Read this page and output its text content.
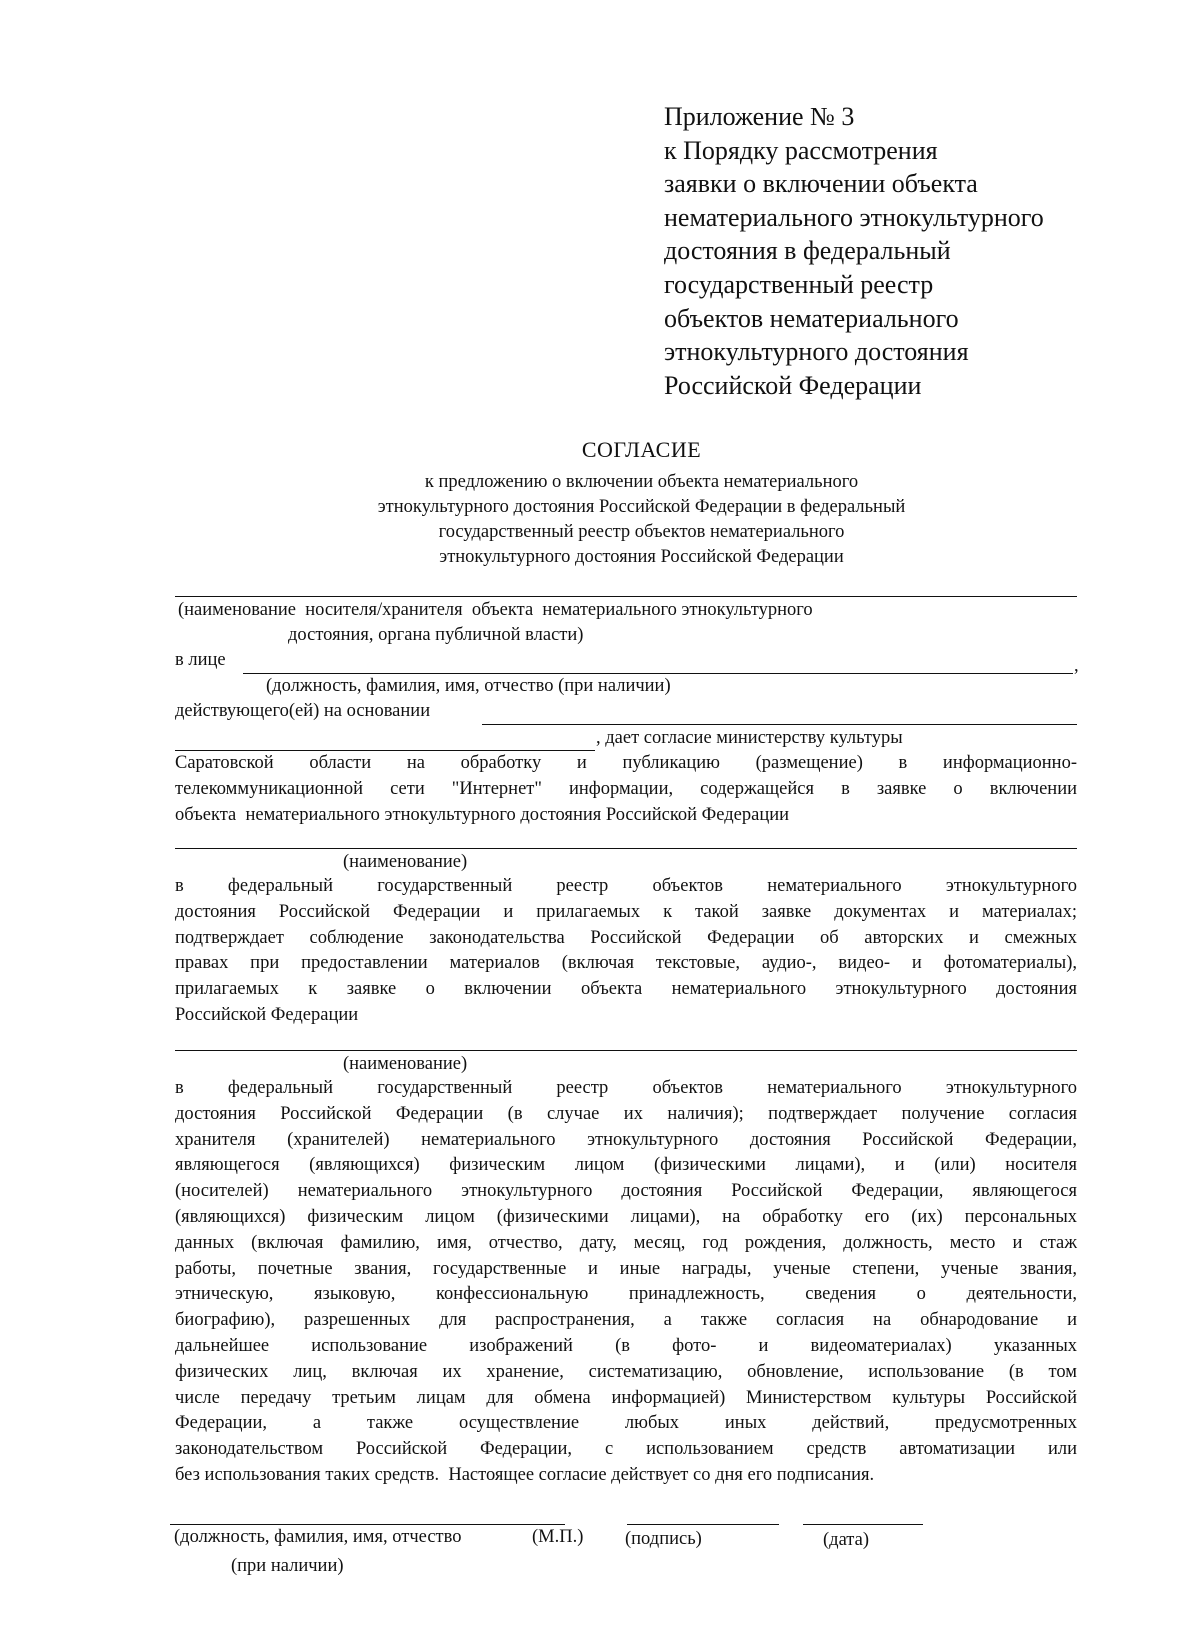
Приложение № 3
к Порядку рассмотрения
заявки о включении объекта
нематериального этнокультурного
достояния в федеральный
государственный реестр
объектов нематериального
этнокультурного достояния
Российской Федерации
СОГЛАСИЕ
к предложению о включении объекта нематериального
этнокультурного достояния Российской Федерации в федеральный
государственный реестр объектов нематериального
этнокультурного достояния Российской Федерации
(наименование  носителя/хранителя  объекта  нематериального этнокультурного
достояния, органа публичной власти)
в лице	,
(должность, фамилия, имя, отчество (при наличии)
действующего(ей) на основании
, дает согласие министерству культуры
Саратовской области на обработку и публикацию (размещение) в информационно-
телекоммуникационной сети "Интернет" информации, содержащейся в заявке о включении
объекта  нематериального этнокультурного достояния Российской Федерации
(наименование)
в федеральный государственный реестр объектов нематериального этнокультурного
достояния Российской Федерации и прилагаемых к такой заявке документах и материалах;
подтверждает соблюдение законодательства Российской Федерации об авторских и смежных
правах при предоставлении материалов (включая текстовые, аудио-, видео- и фотоматериалы),
прилагаемых к заявке о включении объекта нематериального этнокультурного достояния
Российской Федерации
(наименование)
в федеральный государственный реестр объектов нематериального этнокультурного
достояния Российской Федерации (в случае их наличия); подтверждает получение согласия
хранителя (хранителей) нематериального этнокультурного достояния Российской Федерации,
являющегося (являющихся) физическим лицом (физическими лицами), и (или) носителя
(носителей) нематериального этнокультурного достояния Российской Федерации, являющегося
(являющихся) физическим лицом (физическими лицами), на обработку его (их) персональных
данных (включая фамилию, имя, отчество, дату, месяц, год рождения, должность, место и стаж
работы, почетные звания, государственные и иные награды, ученые степени, ученые звания,
этническую, языковую, конфессиональную принадлежность, сведения о деятельности,
биографию), разрешенных для распространения, а также согласия на обнародование и
дальнейшее использование изображений (в фото- и видеоматериалах) указанных
физических лиц, включая их хранение, систематизацию, обновление, использование (в том
числе передачу третьим лицам для обмена информацией) Министерством культуры Российской
Федерации, а также осуществление любых иных действий, предусмотренных
законодательством Российской Федерации, с использованием средств автоматизации или
без использования таких средств.  Настоящее согласие действует со дня его подписания.
(должность, фамилия, имя, отчество	(М.П.) (подпись)	(дата)
(при наличии)
